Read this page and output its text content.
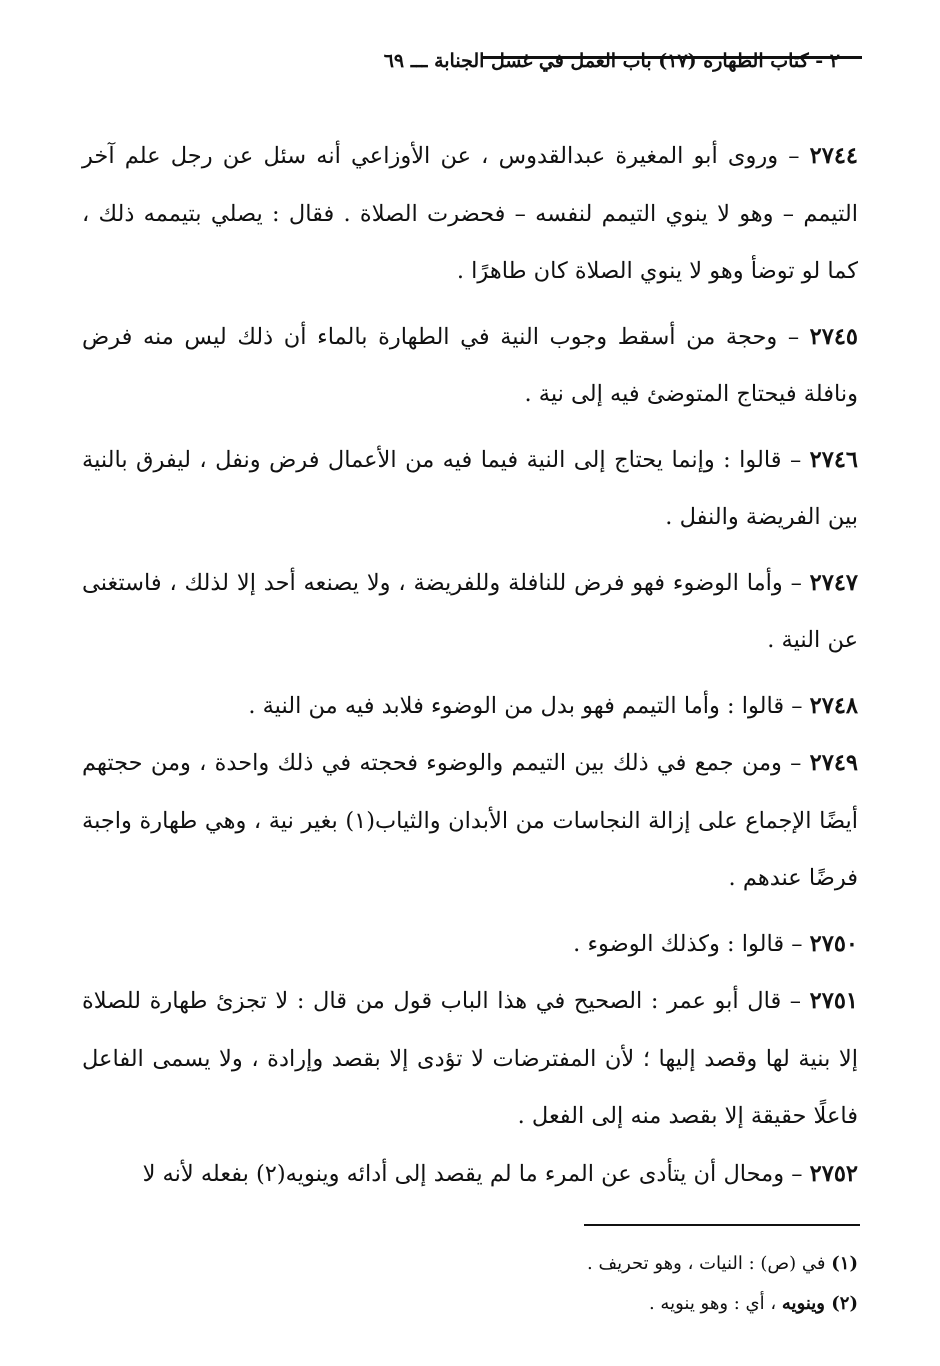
٢ - كتاب الطهارة (١٧) باب العمل في غسل الجنابة ـــ ٦٩

٢٧٤٤ – وروى أبو المغيرة عبدالقدوس ، عن الأوزاعي أنه سئل عن رجل علم آخر التيمم – وهو لا ينوي التيمم لنفسه – فحضرت الصلاة . فقال : يصلي بتيممه ذلك ، كما لو توضأ وهو لا ينوي الصلاة كان طاهرًا .

٢٧٤٥ – وحجة من أسقط وجوب النية في الطهارة بالماء أن ذلك ليس منه فرض ونافلة فيحتاج المتوضئ فيه إلى نية .

٢٧٤٦ – قالوا : وإنما يحتاج إلى النية فيما فيه من الأعمال فرض ونفل ، ليفرق بالنية بين الفريضة والنفل .

٢٧٤٧ – وأما الوضوء فهو فرض للنافلة وللفريضة ، ولا يصنعه أحد إلا لذلك ، فاستغنى عن النية .

٢٧٤٨ – قالوا : وأما التيمم فهو بدل من الوضوء فلابد فيه من النية .

٢٧٤٩ – ومن جمع في ذلك بين التيمم والوضوء فحجته في ذلك واحدة ، ومن حجتهم أيضًا الإجماع على إزالة النجاسات من الأبدان والثياب(١) بغير نية ، وهي طهارة واجبة فرضًا عندهم .

٢٧٥٠ – قالوا : وكذلك الوضوء .

٢٧٥١ – قال أبو عمر : الصحيح في هذا الباب قول من قال : لا تجزئ طهارة للصلاة إلا بنية لها وقصد إليها ؛ لأن المفترضات لا تؤدى إلا بقصد وإرادة ، ولا يسمى الفاعل فاعلًا حقيقة إلا بقصد منه إلى الفعل .

٢٧٥٢ – ومحال أن يتأدى عن المرء ما لم يقصد إلى أدائه وينويه(٢) بفعله لأنه لا

(١) في (ص) : النيات ، وهو تحريف .

(٢) وينويه ، أي : وهو ينويه .
